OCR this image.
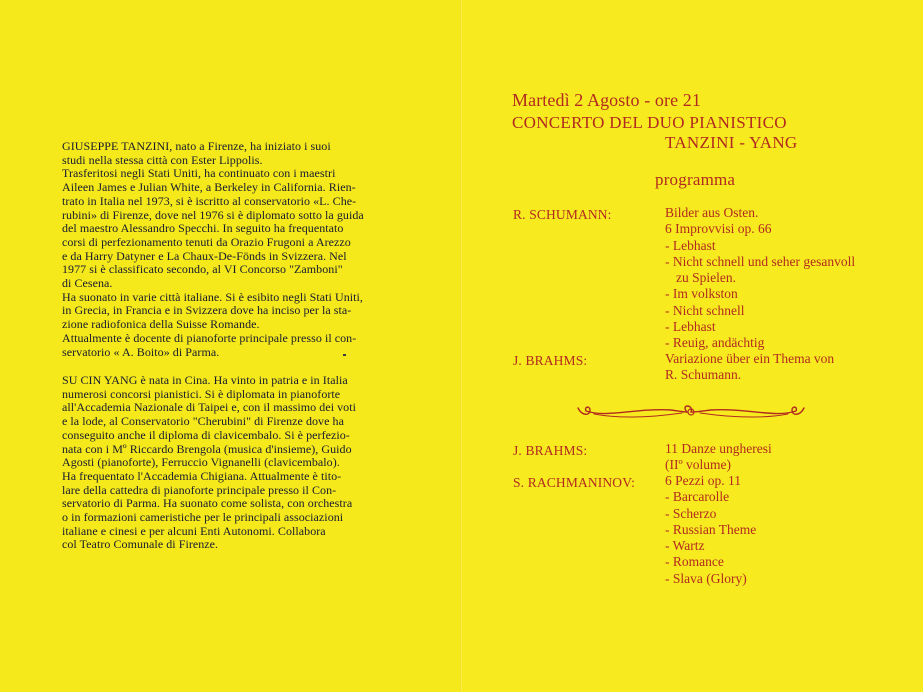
GIUSEPPE TANZINI, nato a Firenze, ha iniziato i suoi
studi nella stessa città con Ester Lippolis.
Trasferitosi negli Stati Uniti, ha continuato con i maestri
Aileen James e Julian White, a Berkeley in California. Rien-
trato in Italia nel 1973, si è iscritto al conservatorio «L. Che-
rubini» di Firenze, dove nel 1976 si è diplomato sotto la guida
del maestro Alessandro Specchi. In seguito ha frequentato
corsi di perfezionamento tenuti da Orazio Frugoni a Arezzo
e da Harry Datyner e La Chaux-De-Fönds in Svizzera. Nel
1977 si è classificato secondo, al VI Concorso "Zamboni"
di Cesena.
Ha suonato in varie città italiane. Si è esibito negli Stati Uniti,
in Grecia, in Francia e in Svizzera dove ha inciso per la sta-
zione radiofonica della Suisse Romande.
Attualmente è docente di pianoforte principale presso il con-
servatorio « A. Boito» di Parma.
SU CIN YANG è nata in Cina. Ha vinto in patria e in Italia
numerosi concorsi pianistici. Si è diplomata in pianoforte
all'Accademia Nazionale di Taipei e, con il massimo dei voti
e la lode, al Conservatorio "Cherubini" di Firenze dove ha
conseguito anche il diploma di clavicembalo. Si è perfezio-
nata con i Mº Riccardo Brengola (musica d'insieme), Guido
Agosti (pianoforte), Ferruccio Vignanelli (clavicembalo).
Ha frequentato l'Accademia Chigiana. Attualmente è tito-
lare della cattedra di pianoforte principale presso il Con-
servatorio di Parma. Ha suonato come solista, con orchestra
o in formazioni cameristiche per le principali associazioni
italiane e cinesi e per alcuni Enti Autonomi. Collabora
col Teatro Comunale di Firenze.
Martedì 2 Agosto - ore 21
CONCERTO DEL DUO PIANISTICO
TANZINI - YANG
programma
R. SCHUMANN:	Bilder aus Osten.
6 Improvvisi op. 66
- Lebhast
- Nicht schnell und seher gesanvoll
zu Spielen.
- Im volkston
- Nicht schnell
- Lebhast
- Reuig, andächtig
J. BRAHMS:	Variazione über ein Thema von
R. Schumann.
J. BRAHMS:	11 Danze ungheresi
(IIº volume)
S. RACHMANINOV: 6 Pezzi op. 11
- Barcarolle
- Scherzo
- Russian Theme
- Wartz
- Romance
- Slava (Glory)
